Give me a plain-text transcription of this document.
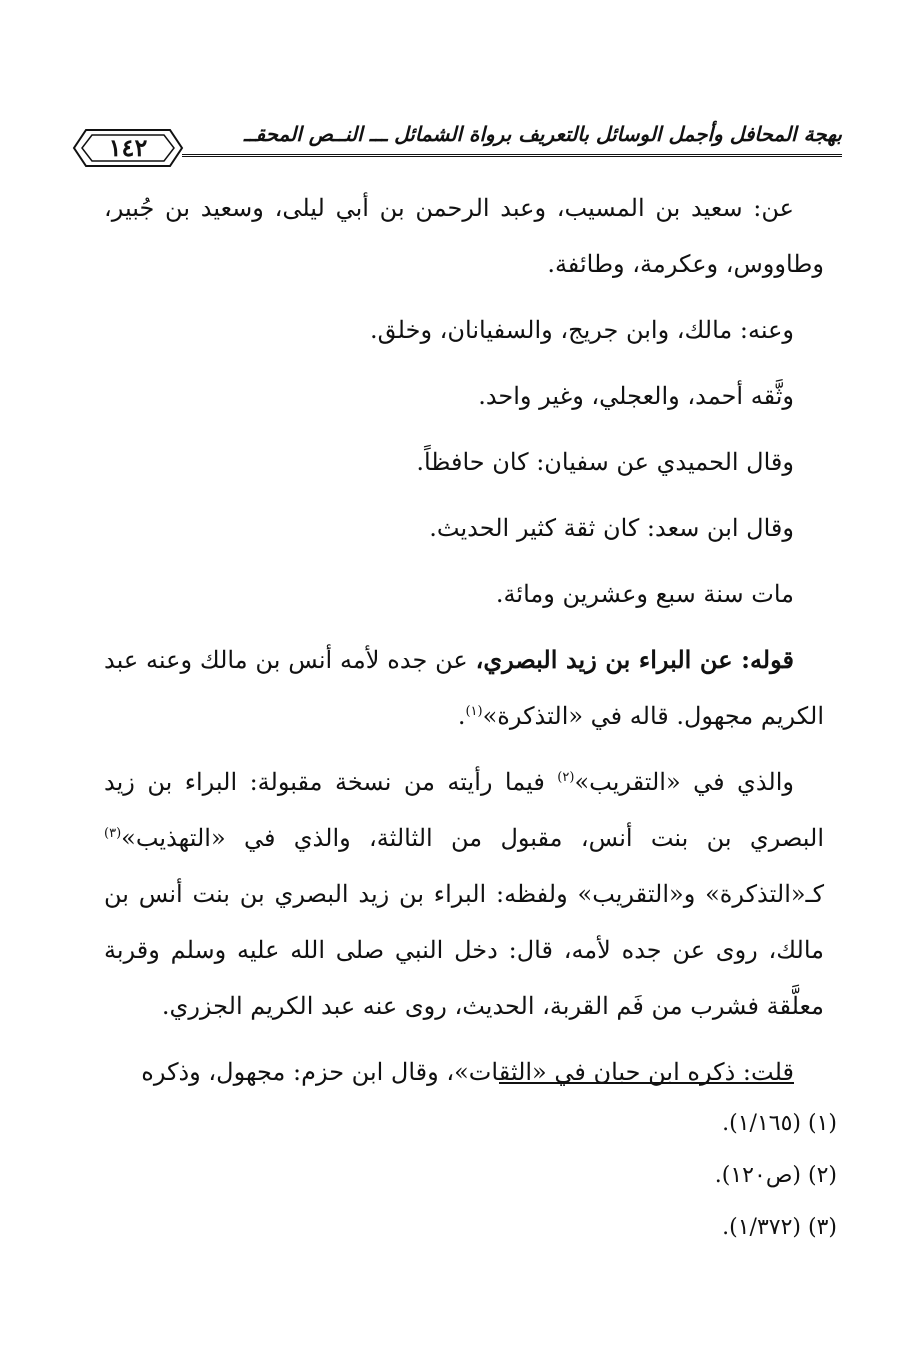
بهجة المحافل وأجمل الوسائل بالتعريف برواة الشمائل ـــ النــص المحقــ
١٤٢

عن: سعيد بن المسيب، وعبد الرحمن بن أبي ليلى، وسعيد بن جُبير، وطاووس، وعكرمة، وطائفة.

وعنه: مالك، وابن جريج، والسفيانان، وخلق.

وثَّقه أحمد، والعجلي، وغير واحد.

وقال الحميدي عن سفيان: كان حافظاً.

وقال ابن سعد: كان ثقة كثير الحديث.

مات سنة سبع وعشرين ومائة.

قوله: عن البراء بن زيد البصري، عن جده لأمه أنس بن مالك وعنه عبد الكريم مجهول. قاله في «التذكرة»$^{(١)}$.

والذي في «التقريب»$^{(٢)}$ فيما رأيته من نسخة مقبولة: البراء بن زيد البصري بن بنت أنس، مقبول من الثالثة، والذي في «التهذيب»$^{(٣)}$ كـ«التذكرة» و«التقريب» ولفظه: البراء بن زيد البصري بن بنت أنس بن مالك، روى عن جده لأمه، قال: دخل النبي صلى الله عليه وسلم وقربة معلَّقة فشرب من فَم القربة، الحديث، روى عنه عبد الكريم الجزري.

قلت: ذكره ابن حبان في «الثقات»، وقال ابن حزم: مجهول، وذكره

(١) (١/١٦٥).

(٢) (ص١٢٠).

(٣) (١/٣٧٢).
